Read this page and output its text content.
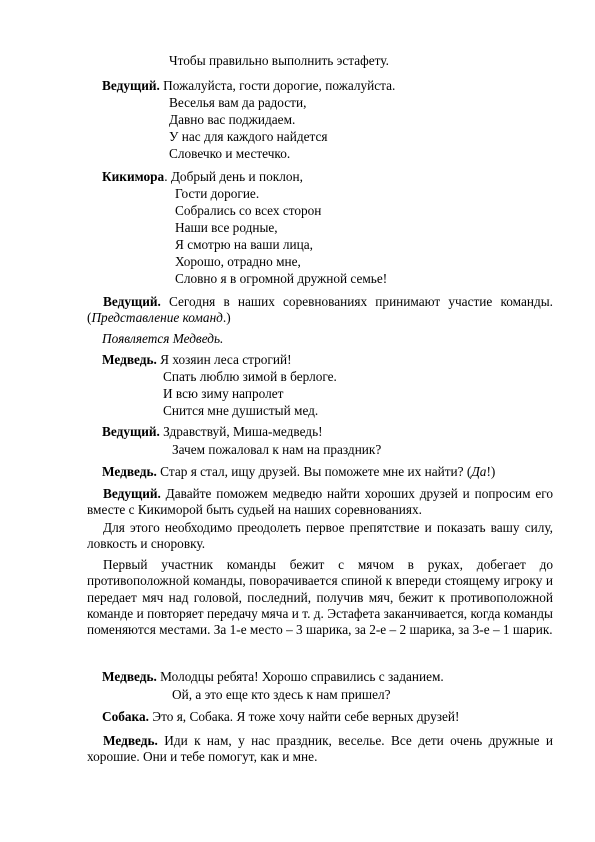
Чтобы правильно выполнить эстафету.
Ведущий. Пожалуйста, гости дорогие, пожалуйста.
Веселья вам да радости,
Давно вас поджидаем.
У нас для каждого найдется
Словечко и местечко.
Кикимора. Добрый день и поклон,
Гости дорогие.
Собрались со всех сторон
Наши все родные,
Я смотрю на ваши лица,
Хорошо, отрадно мне,
Словно я в огромной дружной семье!
Ведущий. Сегодня в наших соревнованиях принимают участие команды. (Представление команд.)
Появляется Медведь.
Медведь. Я хозяин леса строгий!
Спать люблю зимой в берлоге.
И всю зиму напролет
Снится мне душистый мед.
Ведущий. Здравствуй, Миша-медведь!
Зачем пожаловал к нам на праздник?
Медведь. Стар я стал, ищу друзей. Вы поможете мне их найти? (Да!)
Ведущий. Давайте поможем медведю найти хороших друзей и попросим его вместе с Кикиморой быть судьей на наших соревнованиях.
Для этого необходимо преодолеть первое препятствие и показать вашу силу, ловкость и сноровку.
Первый участник команды бежит с мячом в руках, добегает до противоположной команды, поворачивается спиной к впереди стоящему игроку и передает мяч над головой, последний, получив мяч, бежит к противоположной команде и повторяет передачу мяча и т. д. Эстафета заканчивается, когда команды поменяются местами. За 1-е место – 3 шарика, за 2-е – 2 шарика, за 3-е – 1 шарик.
Медведь. Молодцы ребята! Хорошо справились с заданием.
Ой, а это еще кто здесь к нам пришел?
Собака. Это я, Собака. Я тоже хочу найти себе верных друзей!
Медведь. Иди к нам, у нас праздник, веселье. Все дети очень дружные и хорошие. Они и тебе помогут, как и мне.
